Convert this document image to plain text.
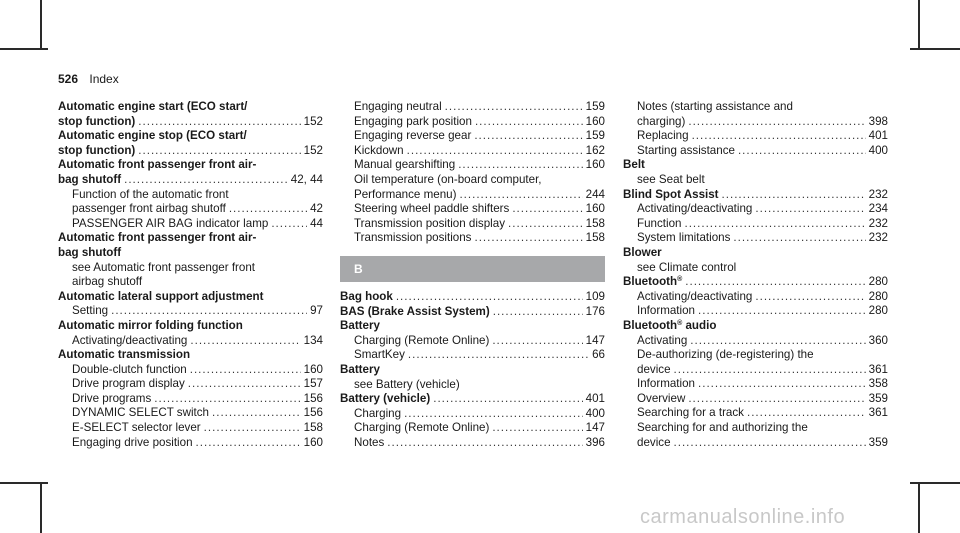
526 Index
Automatic engine start (ECO start/
stop function) .....	152
Automatic engine stop (ECO start/
stop function) .....	152
Automatic front passenger front air-
bag shutoff .....	42, 44
Function of the automatic front
passenger front airbag shutoff .....	42
PASSENGER AIR BAG indicator lamp .....	44
Automatic front passenger front air-
bag shutoff
see Automatic front passenger front
airbag shutoff
Automatic lateral support adjustment
Setting .....	97
Automatic mirror folding function
Activating/deactivating .....	134
Automatic transmission
Double-clutch function .....	160
Drive program display .....	157
Drive programs .....	156
DYNAMIC SELECT switch .....	156
E-SELECT selector lever .....	158
Engaging drive position .....	160
Engaging neutral .....	159
Engaging park position .....	160
Engaging reverse gear .....	159
Kickdown .....	162
Manual gearshifting .....	160
Oil temperature (on-board computer,
Performance menu) .....	244
Steering wheel paddle shifters .....	160
Transmission position display .....	158
Transmission positions .....	158
B
Bag hook .....	109
BAS (Brake Assist System) .....	176
Battery
Charging (Remote Online) .....	147
SmartKey .....	66
Battery
see Battery (vehicle)
Battery (vehicle) .....	401
Charging .....	400
Charging (Remote Online) .....	147
Notes .....	396
Notes (starting assistance and
charging) .....	398
Replacing .....	401
Starting assistance .....	400
Belt
see Seat belt
Blind Spot Assist .....	232
Activating/deactivating .....	234
Function .....	232
System limitations .....	232
Blower
see Climate control
Bluetooth® .....	280
Activating/deactivating .....	280
Information .....	280
Bluetooth® audio
Activating .....	360
De-authorizing (de-registering) the
device .....	361
Information .....	358
Overview .....	359
Searching for a track .....	361
Searching for and authorizing the
device .....	359
carmanualsonline.info
